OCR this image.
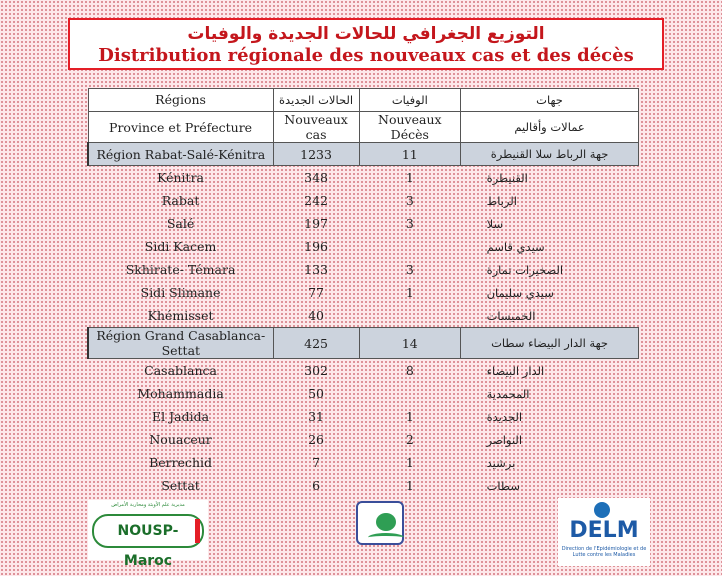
التوزيع الجغرافي للحالات الجديدة والوفيات
Distribution régionale des nouveaux cas et des décès
Régions	الحالات الجديدة	الوفيات	جهات
Province et Préfecture	Nouveaux cas	Nouveaux Décès	عمالات وأقاليم
Région Rabat-Salé-Kénitra	1233	11	جهة الرباط سلا القنيطرة
Kénitra	348	1	القنيطرة
Rabat	242	3	الرباط
Salé	197	3	سلا
Sidi Kacem	196		سيدي قاسم
Skhirate- Témara	133	3	الصخيرات تمارة
Sidi Slimane	77	1	سيدي سليمان
Khémisset	40		الخميسات
Région Grand Casablanca-Settat	425	14	جهة الدار البيضاء سطات
Casablanca	302	8	الدار البيضاء
Mohammadia	50		المحمدية
El Jadida	31	1	الجديدة
Nouaceur	26	2	النواصر
Berrechid	7	1	برشيد
Settat	6	1	سطات
مديرية علم الأوبئة ومحاربة الأمراض
NOUSP-Maroc
DELM
Direction de l'Epidémiologie et de Lutte contre les Maladies
